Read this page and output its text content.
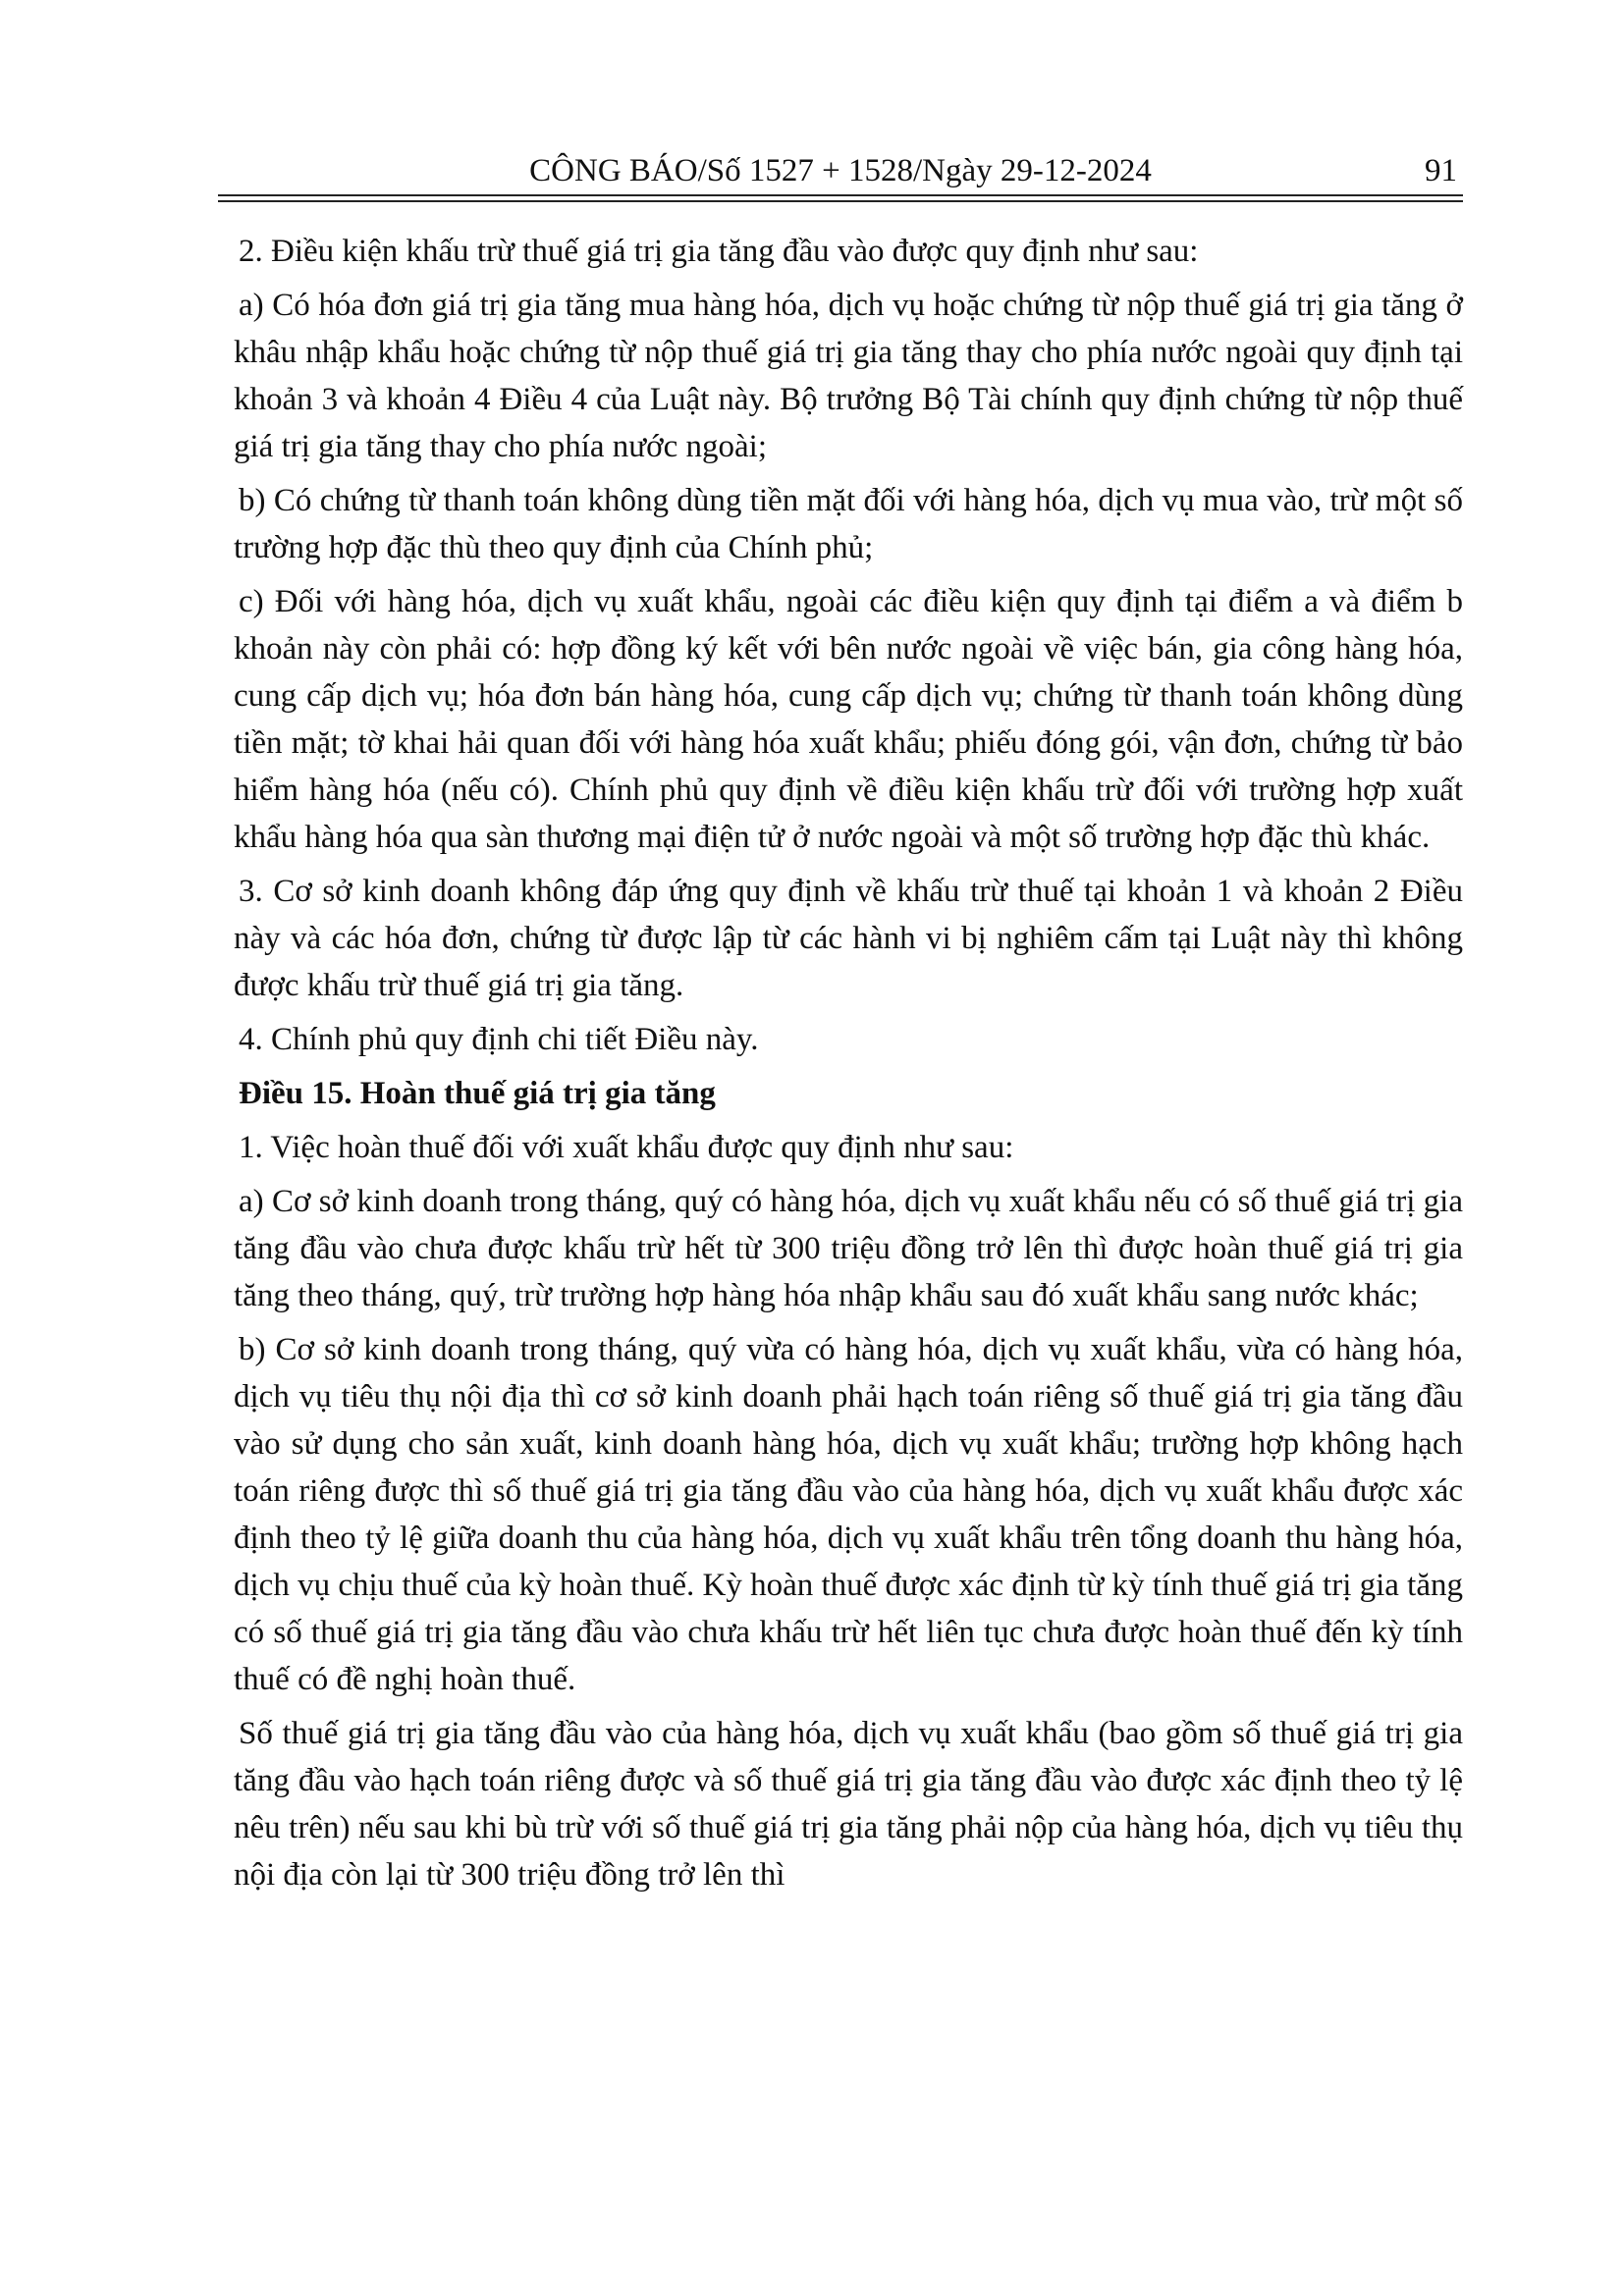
CÔNG BÁO/Số 1527 + 1528/Ngày 29-12-2024	91

2. Điều kiện khấu trừ thuế giá trị gia tăng đầu vào được quy định như sau:

a) Có hóa đơn giá trị gia tăng mua hàng hóa, dịch vụ hoặc chứng từ nộp thuế giá trị gia tăng ở khâu nhập khẩu hoặc chứng từ nộp thuế giá trị gia tăng thay cho phía nước ngoài quy định tại khoản 3 và khoản 4 Điều 4 của Luật này. Bộ trưởng Bộ Tài chính quy định chứng từ nộp thuế giá trị gia tăng thay cho phía nước ngoài;

b) Có chứng từ thanh toán không dùng tiền mặt đối với hàng hóa, dịch vụ mua vào, trừ một số trường hợp đặc thù theo quy định của Chính phủ;

c) Đối với hàng hóa, dịch vụ xuất khẩu, ngoài các điều kiện quy định tại điểm a và điểm b khoản này còn phải có: hợp đồng ký kết với bên nước ngoài về việc bán, gia công hàng hóa, cung cấp dịch vụ; hóa đơn bán hàng hóa, cung cấp dịch vụ; chứng từ thanh toán không dùng tiền mặt; tờ khai hải quan đối với hàng hóa xuất khẩu; phiếu đóng gói, vận đơn, chứng từ bảo hiểm hàng hóa (nếu có). Chính phủ quy định về điều kiện khấu trừ đối với trường hợp xuất khẩu hàng hóa qua sàn thương mại điện tử ở nước ngoài và một số trường hợp đặc thù khác.

3. Cơ sở kinh doanh không đáp ứng quy định về khấu trừ thuế tại khoản 1 và khoản 2 Điều này và các hóa đơn, chứng từ được lập từ các hành vi bị nghiêm cấm tại Luật này thì không được khấu trừ thuế giá trị gia tăng.

4. Chính phủ quy định chi tiết Điều này.

Điều 15. Hoàn thuế giá trị gia tăng

1. Việc hoàn thuế đối với xuất khẩu được quy định như sau:

a) Cơ sở kinh doanh trong tháng, quý có hàng hóa, dịch vụ xuất khẩu nếu có số thuế giá trị gia tăng đầu vào chưa được khấu trừ hết từ 300 triệu đồng trở lên thì được hoàn thuế giá trị gia tăng theo tháng, quý, trừ trường hợp hàng hóa nhập khẩu sau đó xuất khẩu sang nước khác;

b) Cơ sở kinh doanh trong tháng, quý vừa có hàng hóa, dịch vụ xuất khẩu, vừa có hàng hóa, dịch vụ tiêu thụ nội địa thì cơ sở kinh doanh phải hạch toán riêng số thuế giá trị gia tăng đầu vào sử dụng cho sản xuất, kinh doanh hàng hóa, dịch vụ xuất khẩu; trường hợp không hạch toán riêng được thì số thuế giá trị gia tăng đầu vào của hàng hóa, dịch vụ xuất khẩu được xác định theo tỷ lệ giữa doanh thu của hàng hóa, dịch vụ xuất khẩu trên tổng doanh thu hàng hóa, dịch vụ chịu thuế của kỳ hoàn thuế. Kỳ hoàn thuế được xác định từ kỳ tính thuế giá trị gia tăng có số thuế giá trị gia tăng đầu vào chưa khấu trừ hết liên tục chưa được hoàn thuế đến kỳ tính thuế có đề nghị hoàn thuế.

Số thuế giá trị gia tăng đầu vào của hàng hóa, dịch vụ xuất khẩu (bao gồm số thuế giá trị gia tăng đầu vào hạch toán riêng được và số thuế giá trị gia tăng đầu vào được xác định theo tỷ lệ nêu trên) nếu sau khi bù trừ với số thuế giá trị gia tăng phải nộp của hàng hóa, dịch vụ tiêu thụ nội địa còn lại từ 300 triệu đồng trở lên thì
